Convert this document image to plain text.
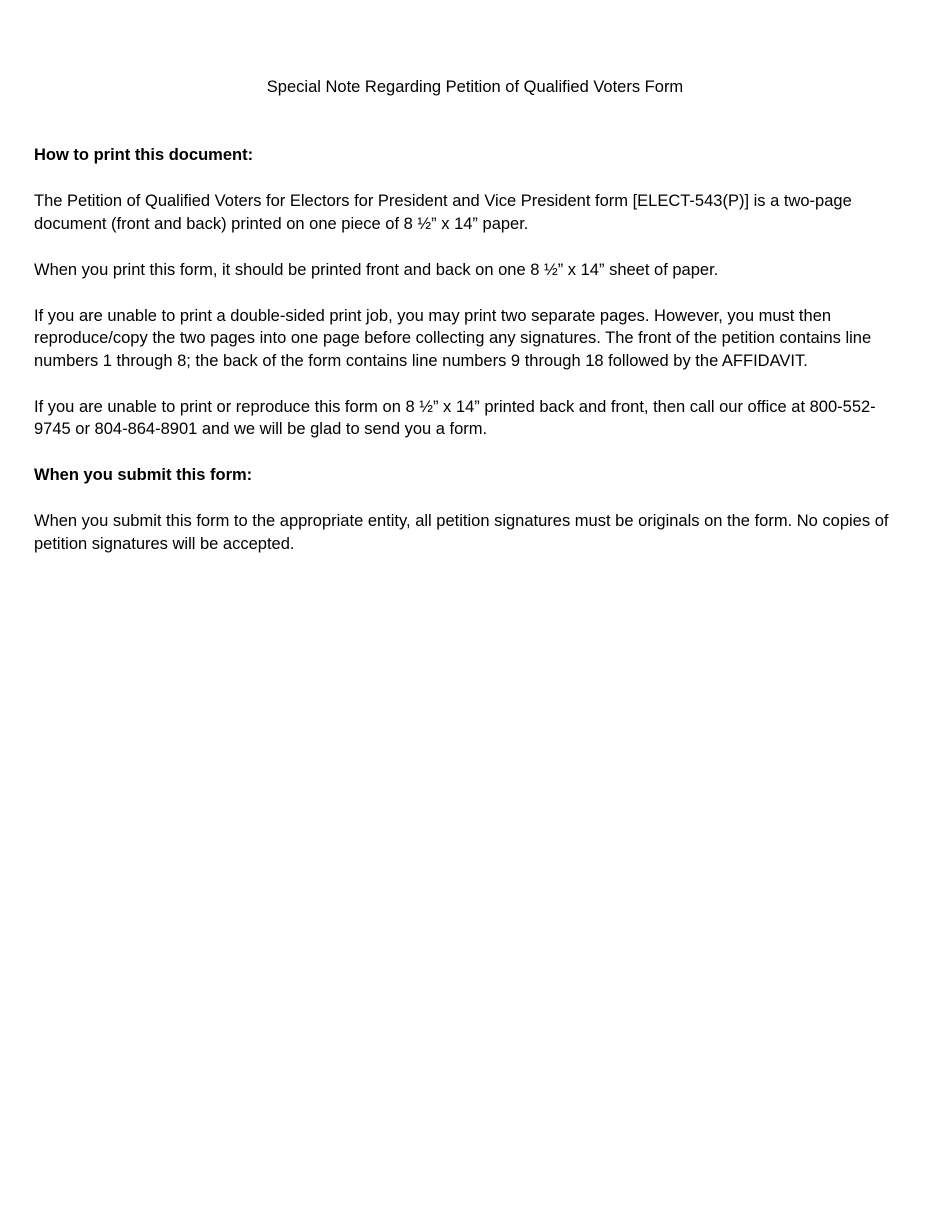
Special Note Regarding Petition of Qualified Voters Form

How to print this document:

The Petition of Qualified Voters for Electors for President and Vice President form [ELECT-543(P)] is a two-page document (front and back) printed on one piece of 8 ½” x 14” paper.

When you print this form, it should be printed front and back on one 8 ½” x 14” sheet of paper.

If you are unable to print a double-sided print job, you may print two separate pages. However, you must then reproduce/copy the two pages into one page before collecting any signatures. The front of the petition contains line numbers 1 through 8; the back of the form contains line numbers 9 through 18 followed by the AFFIDAVIT.

If you are unable to print or reproduce this form on 8 ½” x 14” printed back and front, then call our office at 800-552-9745 or 804-864-8901 and we will be glad to send you a form.

When you submit this form:

When you submit this form to the appropriate entity, all petition signatures must be originals on the form. No copies of petition signatures will be accepted.
